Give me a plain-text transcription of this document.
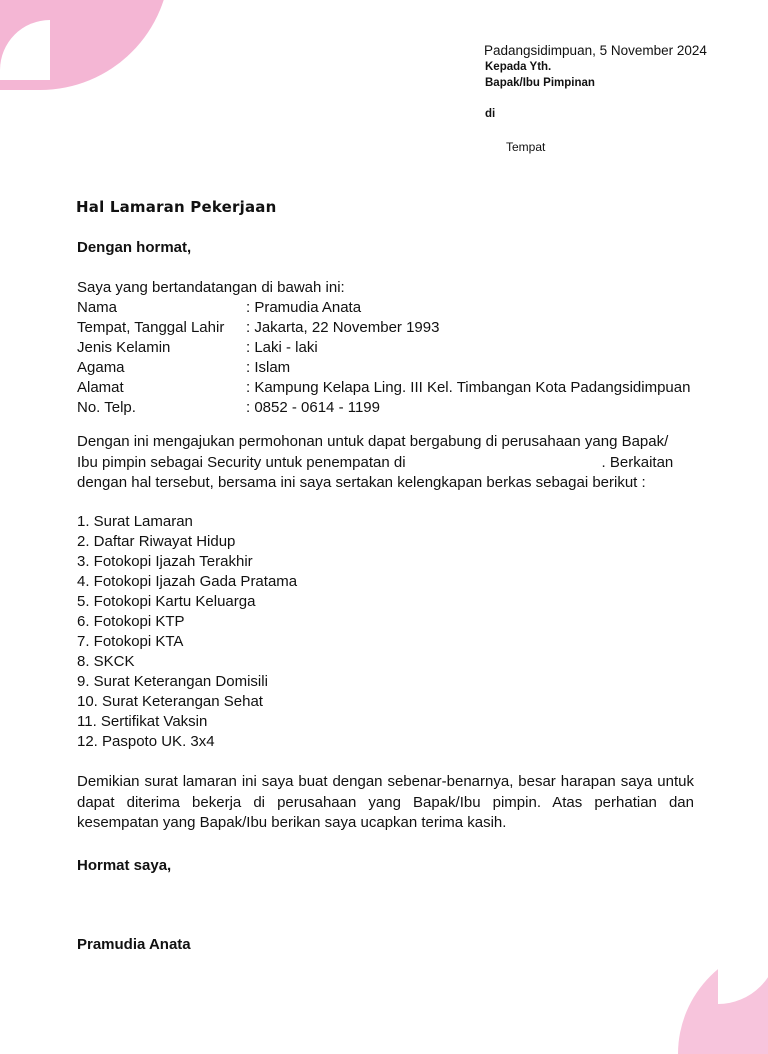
Padangsidimpuan, 5 November 2024

Kepada Yth.
Bapak/Ibu Pimpinan

di

Tempat

Hal Lamaran Pekerjaan

Dengan hormat,

Saya yang bertandatangan di bawah ini:

Nama	: Pramudia Anata
Tempat, Tanggal Lahir	: Jakarta, 22 November 1993
Jenis Kelamin	: Laki - laki
Agama	: Islam
Alamat	: Kampung Kelapa Ling. III Kel. Timbangan Kota Padangsidimpuan
No. Telp.	: 0852 - 0614 - 1199

Dengan ini mengajukan permohonan untuk dapat bergabung di perusahaan yang Bapak/
Ibu pimpin sebagai Security untuk penempatan di	. Berkaitan
dengan hal tersebut, bersama ini saya sertakan kelengkapan berkas sebagai berikut :

1. Surat Lamaran
2. Daftar Riwayat Hidup
3. Fotokopi Ijazah Terakhir
4. Fotokopi Ijazah Gada Pratama
5. Fotokopi Kartu Keluarga
6. Fotokopi KTP
7. Fotokopi KTA
8. SKCK
9. Surat Keterangan Domisili
10. Surat Keterangan Sehat
11. Sertifikat Vaksin
12. Paspoto UK. 3x4

Demikian surat lamaran ini saya buat dengan sebenar-benarnya, besar harapan saya untuk dapat diterima bekerja di perusahaan yang Bapak/Ibu pimpin. Atas perhatian dan kesempatan yang Bapak/Ibu berikan saya ucapkan terima kasih.

Hormat saya,

Pramudia Anata
